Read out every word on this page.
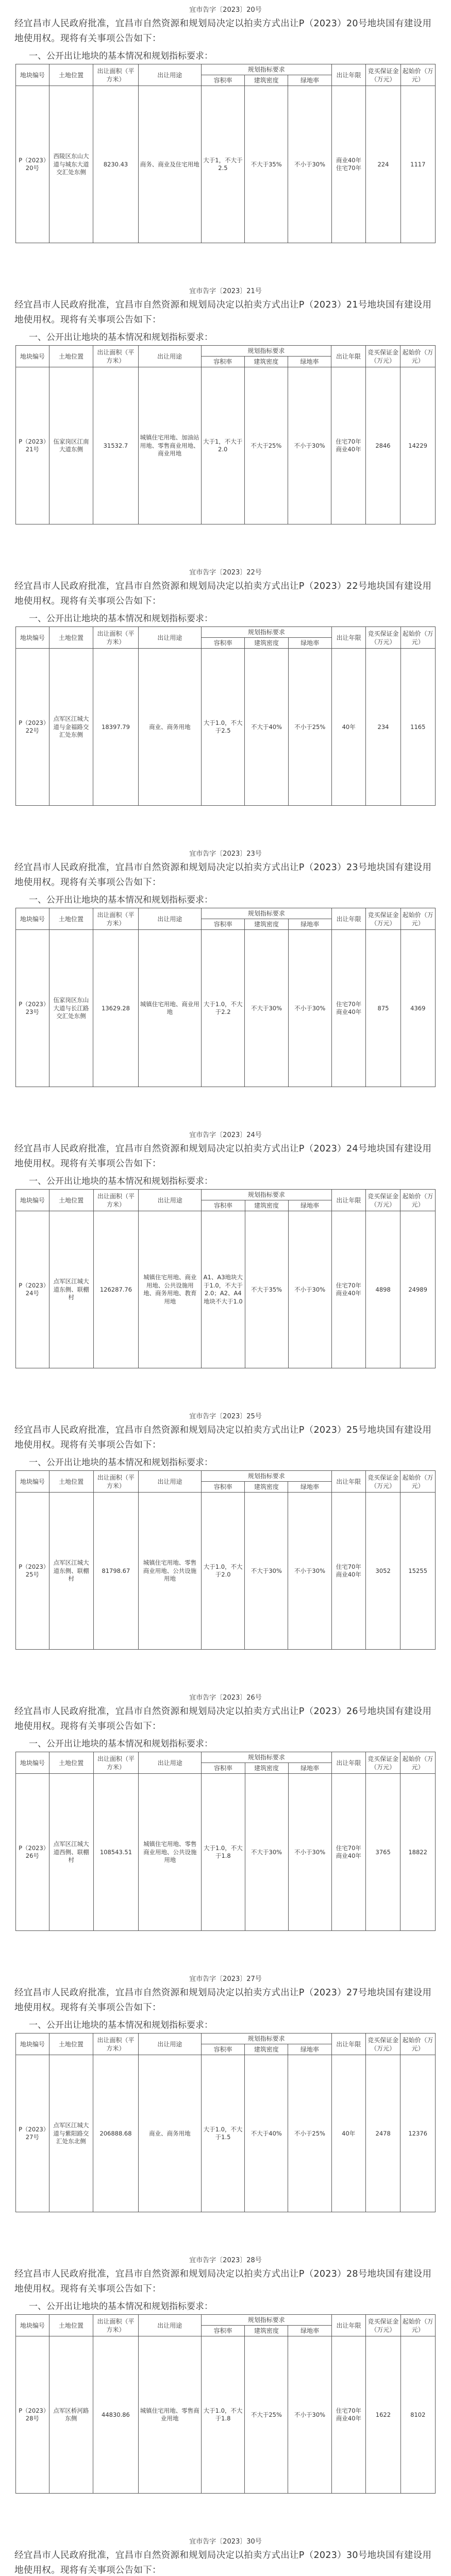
宜市告字〔2023〕20号
经宜昌市人民政府批准，宜昌市自然资源和规划局决定以拍卖方式出让P（2023）20号地块国有建设用地使用权。现将有关事项公告如下：
一、公开出让地块的基本情况和规划指标要求：
地块编号	土地位置	出让面积（平方米）	出让用途	规划指标要求			出让年限	竞买保证金（万元）	起始价（万元）
				容积率	建筑密度	绿地率			
P（2023）20号	西陵区东山大道与城东大道交汇处东侧	8230.43	商务、商业及住宅用地	大于1，不大于2.5	不大于35%	不小于30%	商业40年 住宅70年	224	1117
宜市告字〔2023〕21号
经宜昌市人民政府批准，宜昌市自然资源和规划局决定以拍卖方式出让P（2023）21号地块国有建设用地使用权。现将有关事项公告如下：
一、公开出让地块的基本情况和规划指标要求：
地块编号	土地位置	出让面积（平方米）	出让用途	规划指标要求			出让年限	竞买保证金（万元）	起始价（万元）
				容积率	建筑密度	绿地率			
P（2023）21号	伍家岗区江南大道东侧	31532.7	城镇住宅用地、加油站用地、零售商业用地、商业用地	大于1，不大于2.0	不大于25%	不小于30%	住宅70年 商业40年	2846	14229
宜市告字〔2023〕22号
经宜昌市人民政府批准，宜昌市自然资源和规划局决定以拍卖方式出让P（2023）22号地块国有建设用地使用权。现将有关事项公告如下：
一、公开出让地块的基本情况和规划指标要求：
地块编号	土地位置	出让面积（平方米）	出让用途	规划指标要求			出让年限	竞买保证金（万元）	起始价（万元）
				容积率	建筑密度	绿地率			
P（2023）22号	点军区江城大道与金福路交汇处东侧	18397.79	商业、商务用地	大于1.0，不大于2.5	不大于40%	不小于25%	40年	234	1165
宜市告字〔2023〕23号
经宜昌市人民政府批准，宜昌市自然资源和规划局决定以拍卖方式出让P（2023）23号地块国有建设用地使用权。现将有关事项公告如下：
一、公开出让地块的基本情况和规划指标要求：
地块编号	土地位置	出让面积（平方米）	出让用途	规划指标要求			出让年限	竞买保证金（万元）	起始价（万元）
				容积率	建筑密度	绿地率			
P（2023）23号	伍家岗区东山大道与长江路交汇处东侧	13629.28	城镇住宅用地、商业用地	大于1.0，不大于2.2	不大于30%	不小于30%	住宅70年 商业40年	875	4369
宜市告字〔2023〕24号
经宜昌市人民政府批准，宜昌市自然资源和规划局决定以拍卖方式出让P（2023）24号地块国有建设用地使用权。现将有关事项公告如下：
一、公开出让地块的基本情况和规划指标要求：
地块编号	土地位置	出让面积（平方米）	出让用途	规划指标要求			出让年限	竞买保证金（万元）	起始价（万元）
				容积率	建筑密度	绿地率			
P（2023）24号	点军区江城大道东侧、联棚村	126287.76	城镇住宅用地、商业用地、公共设施用地、商务用地、教育用地	A1、A3地块大于1.0，不大于2.0；A2、A4地块不大于1.0	不大于35%	不小于30%	住宅70年 商业40年	4898	24989
宜市告字〔2023〕25号
经宜昌市人民政府批准，宜昌市自然资源和规划局决定以拍卖方式出让P（2023）25号地块国有建设用地使用权。现将有关事项公告如下：
一、公开出让地块的基本情况和规划指标要求：
地块编号	土地位置	出让面积（平方米）	出让用途	规划指标要求			出让年限	竞买保证金（万元）	起始价（万元）
				容积率	建筑密度	绿地率			
P（2023）25号	点军区江城大道东侧、联棚村	81798.67	城镇住宅用地、零售商业用地、公共设施用地	大于1.0，不大于2.0	不大于30%	不小于30%	住宅70年 商业40年	3052	15255
宜市告字〔2023〕26号
经宜昌市人民政府批准，宜昌市自然资源和规划局决定以拍卖方式出让P（2023）26号地块国有建设用地使用权。现将有关事项公告如下：
一、公开出让地块的基本情况和规划指标要求：
地块编号	土地位置	出让面积（平方米）	出让用途	规划指标要求			出让年限	竞买保证金（万元）	起始价（万元）
				容积率	建筑密度	绿地率			
P（2023）26号	点军区江城大道西侧、联棚村	108543.51	城镇住宅用地、零售商业用地、公共设施用地	大于1.0，不大于1.8	不大于30%	不小于30%	住宅70年 商业40年	3765	18822
宜市告字〔2023〕27号
经宜昌市人民政府批准，宜昌市自然资源和规划局决定以拍卖方式出让P（2023）27号地块国有建设用地使用权。现将有关事项公告如下：
一、公开出让地块的基本情况和规划指标要求：
地块编号	土地位置	出让面积（平方米）	出让用途	规划指标要求			出让年限	竞买保证金（万元）	起始价（万元）
				容积率	建筑密度	绿地率			
P（2023）27号	点军区江城大道与紫阳路交汇处东北侧	206888.68	商业、商务用地	大于1.0，不大于1.5	不大于40%	不小于25%	40年	2478	12376
宜市告字〔2023〕28号
经宜昌市人民政府批准，宜昌市自然资源和规划局决定以拍卖方式出让P（2023）28号地块国有建设用地使用权。现将有关事项公告如下：
一、公开出让地块的基本情况和规划指标要求：
地块编号	土地位置	出让面积（平方米）	出让用途	规划指标要求			出让年限	竞买保证金（万元）	起始价（万元）
				容积率	建筑密度	绿地率			
P（2023）28号	点军区桥河路东侧	44830.86	城镇住宅用地、零售商业用地	大于1.0，不大于1.8	不大于25%	不小于30%	住宅70年 商业40年	1622	8102
宜市告字〔2023〕30号
经宜昌市人民政府批准，宜昌市自然资源和规划局决定以拍卖方式出让P（2023）30号地块国有建设用地使用权。现将有关事项公告如下：
